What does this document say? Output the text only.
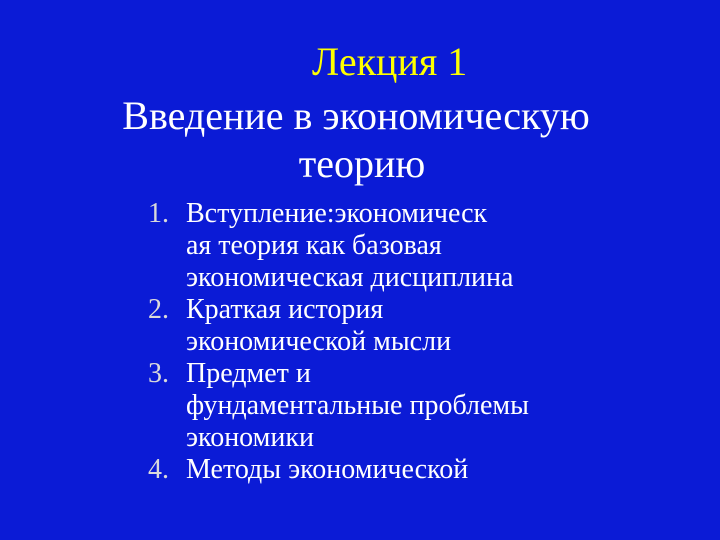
Лекция 1
Введение в экономическую
теорию
1. Вступление:экономическ
ая теория как базовая
экономическая дисциплина
2. Краткая история
экономической мысли
3. Предмет и
фундаментальные проблемы
экономики
4. Методы экономической
